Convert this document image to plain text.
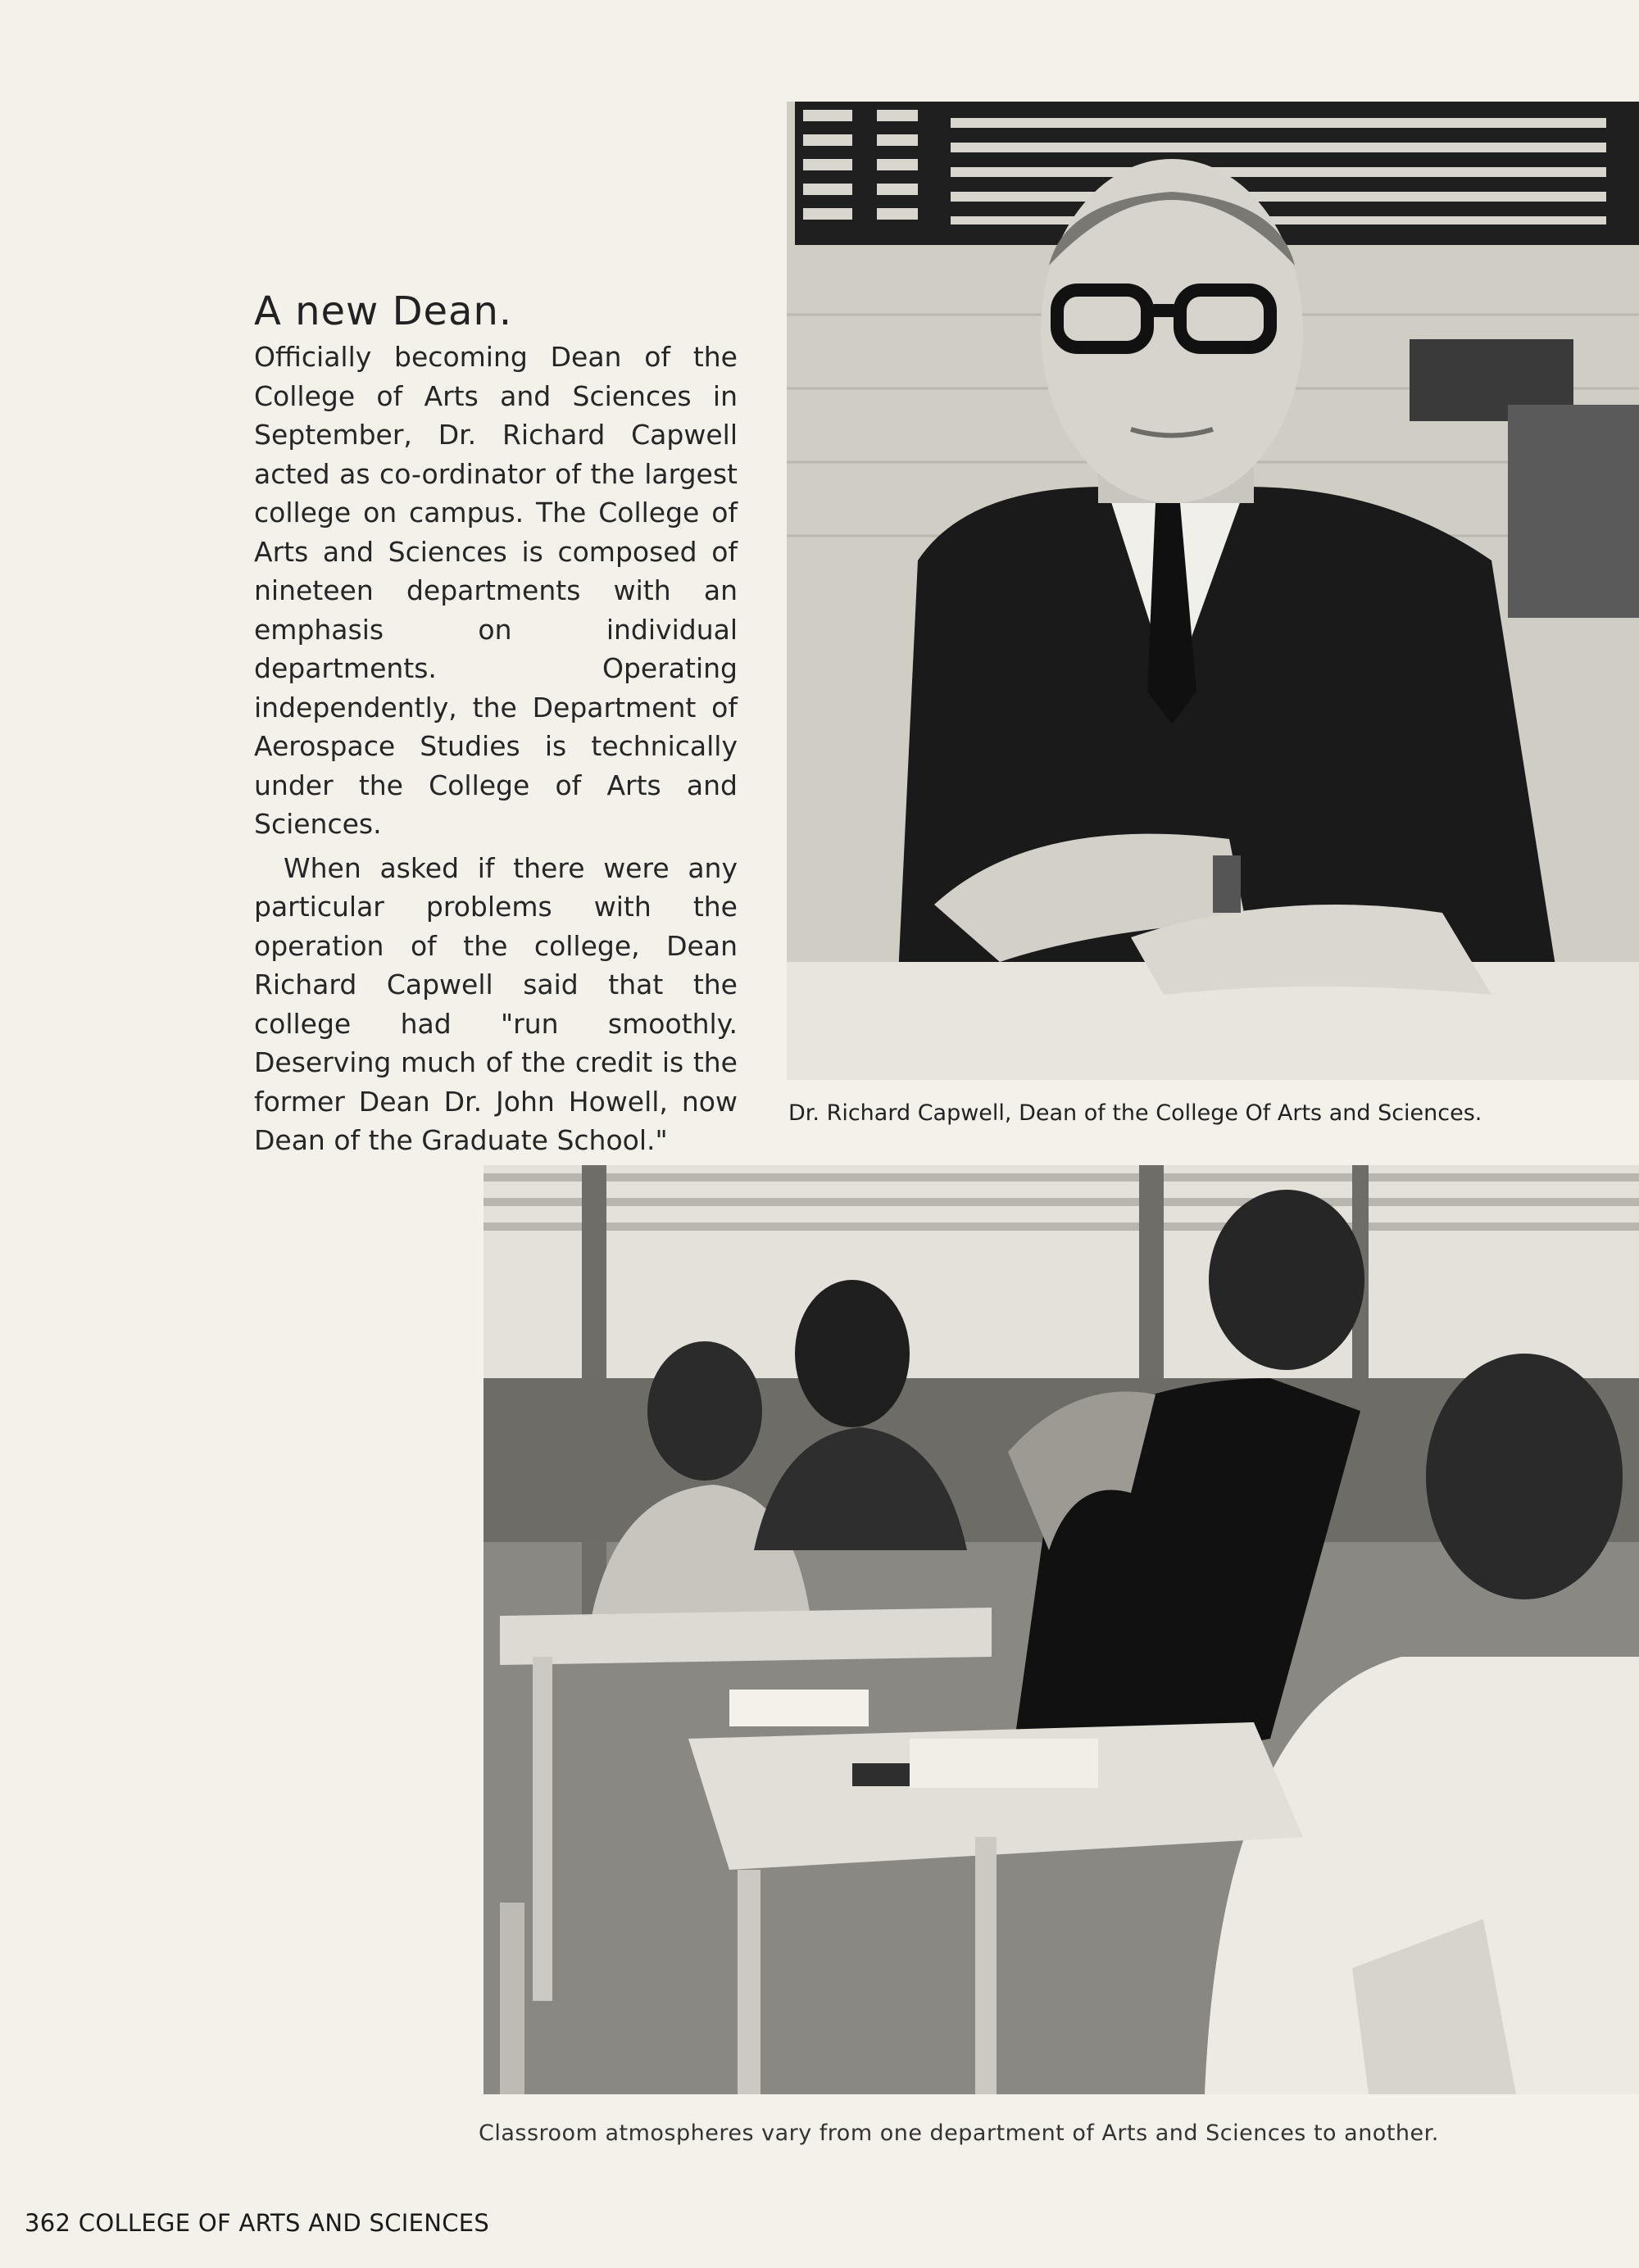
A new Dean.

Officially becoming Dean of the College of Arts and Sciences in September, Dr. Richard Capwell acted as co-ordinator of the largest college on campus. The College of Arts and Sciences is composed of nineteen departments with an emphasis on individual departments. Operating independently, the Department of Aerospace Studies is technically under the College of Arts and Sciences.

When asked if there were any particular problems with the operation of the college, Dean Richard Capwell said that the college had "run smoothly. Deserving much of the credit is the former Dean Dr. John Howell, now Dean of the Graduate School."

Dr. Richard Capwell, Dean of the College Of Arts and Sciences.
Classroom atmospheres vary from one department of Arts and Sciences to another.
362 COLLEGE OF ARTS AND SCIENCES
